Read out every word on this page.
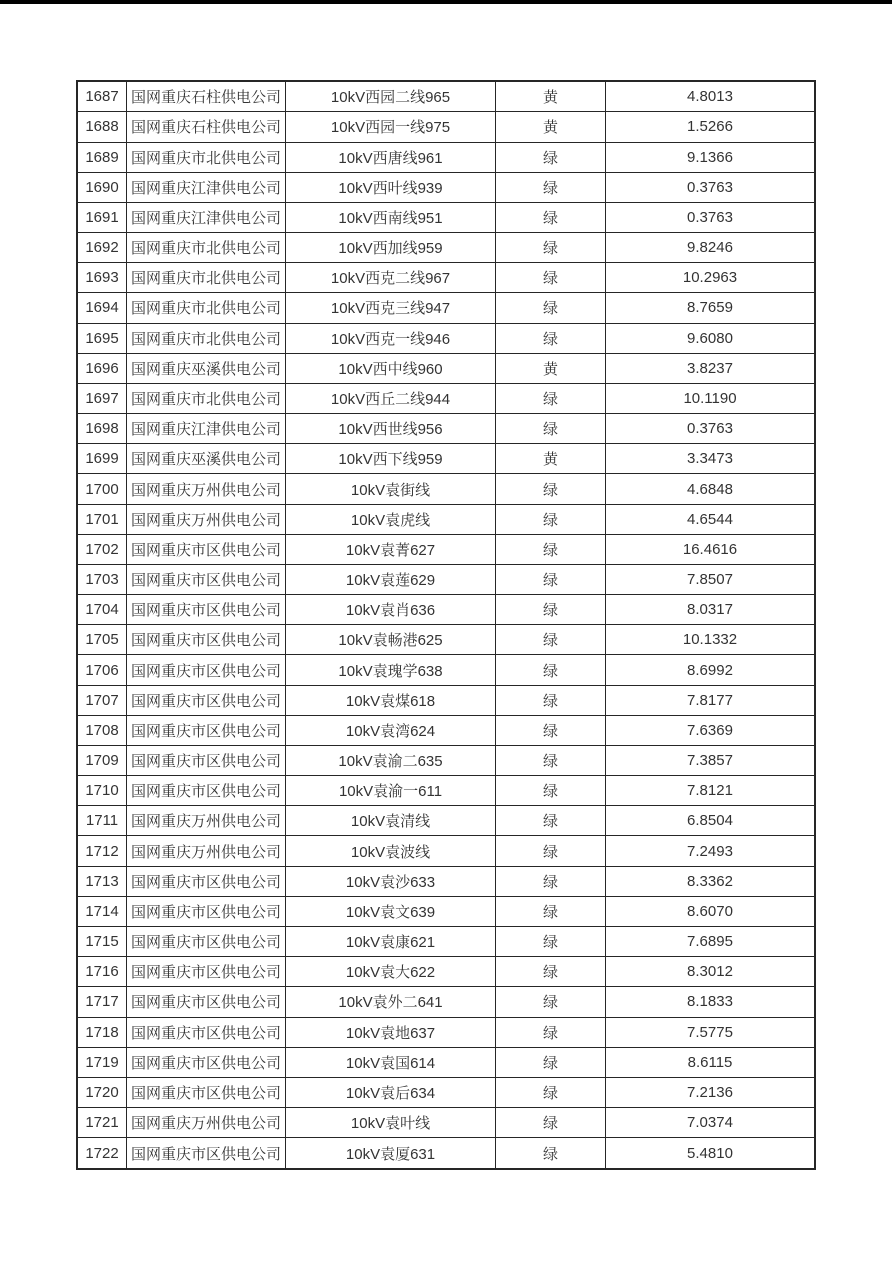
1687	国网重庆石柱供电公司	10kV西园二线965	黄	4.8013
1688	国网重庆石柱供电公司	10kV西园一线975	黄	1.5266
1689	国网重庆市北供电公司	10kV西唐线961	绿	9.1366
1690	国网重庆江津供电公司	10kV西叶线939	绿	0.3763
1691	国网重庆江津供电公司	10kV西南线951	绿	0.3763
1692	国网重庆市北供电公司	10kV西加线959	绿	9.8246
1693	国网重庆市北供电公司	10kV西克二线967	绿	10.2963
1694	国网重庆市北供电公司	10kV西克三线947	绿	8.7659
1695	国网重庆市北供电公司	10kV西克一线946	绿	9.6080
1696	国网重庆巫溪供电公司	10kV西中线960	黄	3.8237
1697	国网重庆市北供电公司	10kV西丘二线944	绿	10.1190
1698	国网重庆江津供电公司	10kV西世线956	绿	0.3763
1699	国网重庆巫溪供电公司	10kV西下线959	黄	3.3473
1700	国网重庆万州供电公司	10kV袁街线	绿	4.6848
1701	国网重庆万州供电公司	10kV袁虎线	绿	4.6544
1702	国网重庆市区供电公司	10kV袁菁627	绿	16.4616
1703	国网重庆市区供电公司	10kV袁莲629	绿	7.8507
1704	国网重庆市区供电公司	10kV袁肖636	绿	8.0317
1705	国网重庆市区供电公司	10kV袁畅港625	绿	10.1332
1706	国网重庆市区供电公司	10kV袁瑰学638	绿	8.6992
1707	国网重庆市区供电公司	10kV袁煤618	绿	7.8177
1708	国网重庆市区供电公司	10kV袁湾624	绿	7.6369
1709	国网重庆市区供电公司	10kV袁渝二635	绿	7.3857
1710	国网重庆市区供电公司	10kV袁渝一611	绿	7.8121
1711	国网重庆万州供电公司	10kV袁清线	绿	6.8504
1712	国网重庆万州供电公司	10kV袁波线	绿	7.2493
1713	国网重庆市区供电公司	10kV袁沙633	绿	8.3362
1714	国网重庆市区供电公司	10kV袁文639	绿	8.6070
1715	国网重庆市区供电公司	10kV袁康621	绿	7.6895
1716	国网重庆市区供电公司	10kV袁大622	绿	8.3012
1717	国网重庆市区供电公司	10kV袁外二641	绿	8.1833
1718	国网重庆市区供电公司	10kV袁地637	绿	7.5775
1719	国网重庆市区供电公司	10kV袁国614	绿	8.6115
1720	国网重庆市区供电公司	10kV袁后634	绿	7.2136
1721	国网重庆万州供电公司	10kV袁叶线	绿	7.0374
1722	国网重庆市区供电公司	10kV袁厦631	绿	5.4810
